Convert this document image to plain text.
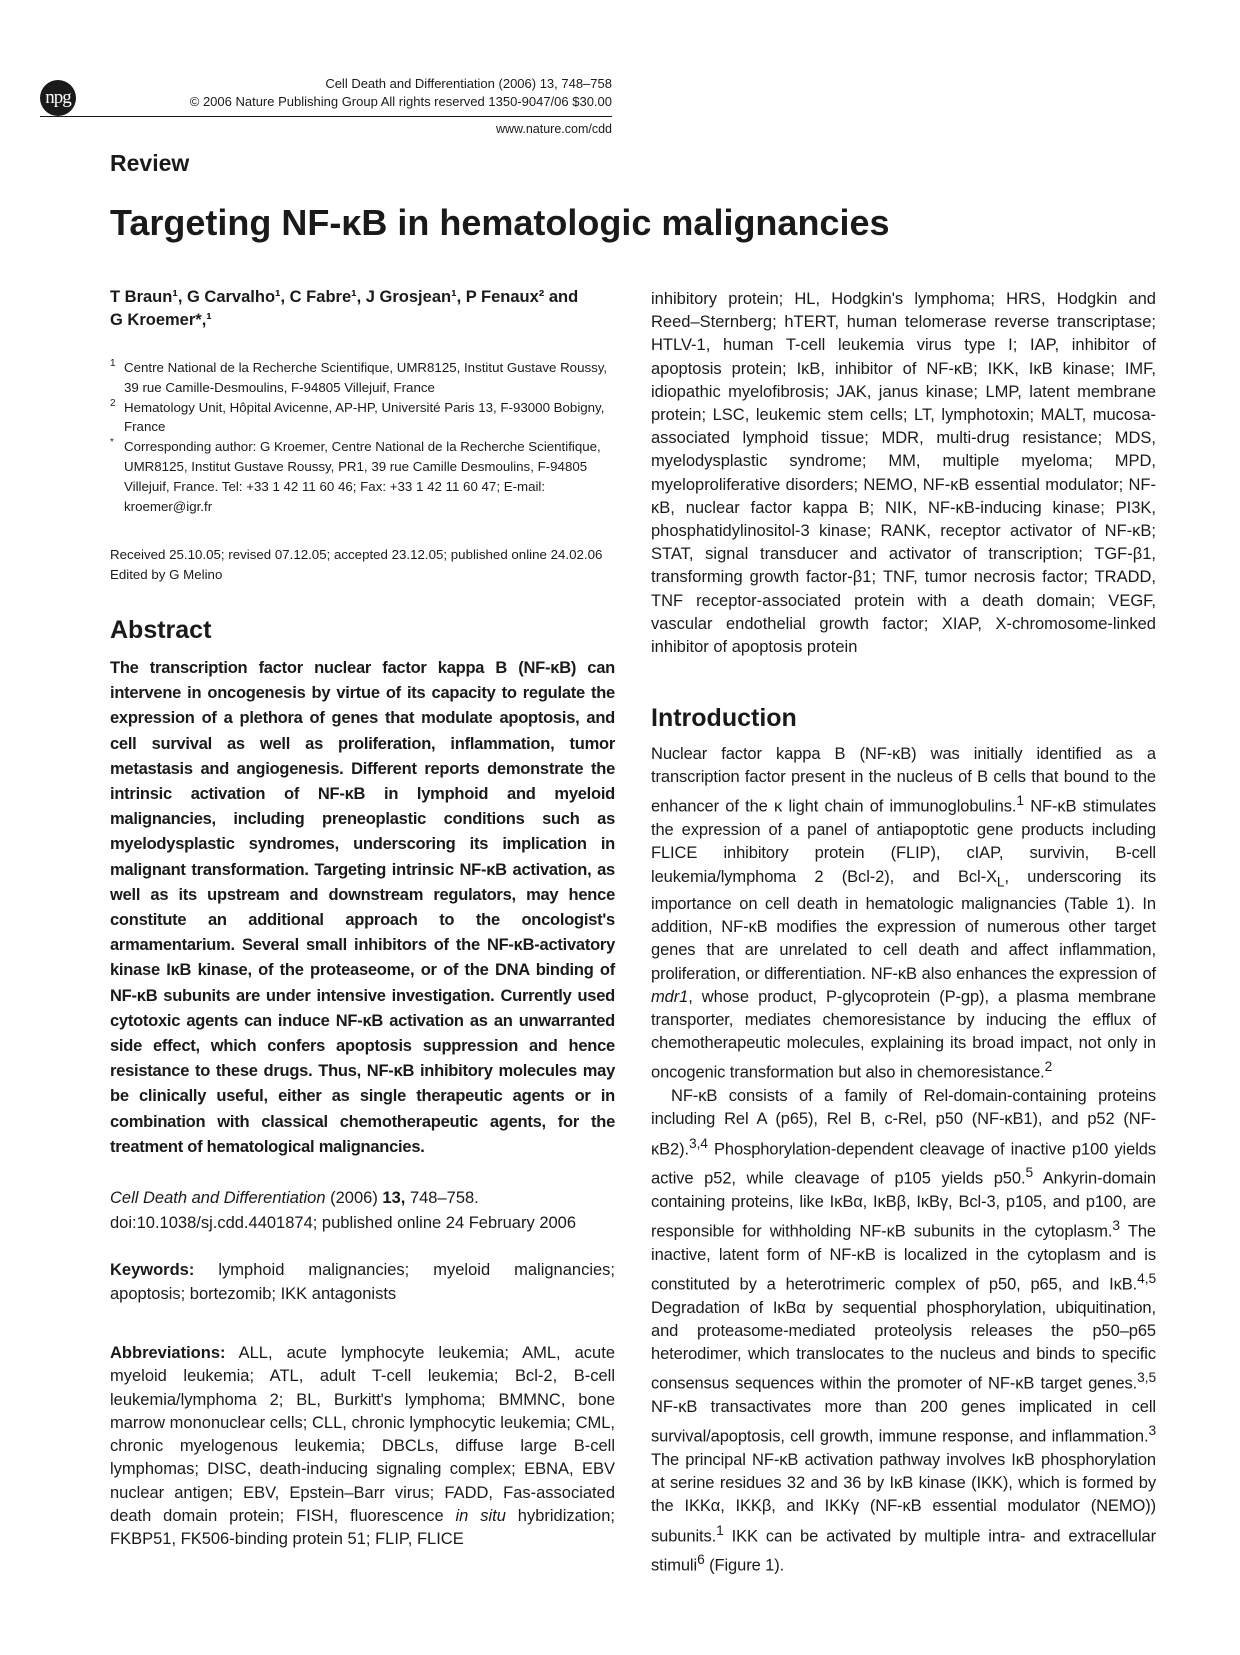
npg
Cell Death and Differentiation (2006) 13, 748–758
© 2006 Nature Publishing Group All rights reserved 1350-9047/06 $30.00
www.nature.com/cdd
Review
Targeting NF-κB in hematologic malignancies
T Braun¹, G Carvalho¹, C Fabre¹, J Grosjean¹, P Fenaux² and
G Kroemer*,¹
1 Centre National de la Recherche Scientifique, UMR8125, Institut Gustave Roussy, 39 rue Camille-Desmoulins, F-94805 Villejuif, France
2 Hematology Unit, Hôpital Avicenne, AP-HP, Université Paris 13, F-93000 Bobigny, France
* Corresponding author: G Kroemer, Centre National de la Recherche Scientifique, UMR8125, Institut Gustave Roussy, PR1, 39 rue Camille Desmoulins, F-94805 Villejuif, France. Tel: +33 1 42 11 60 46; Fax: +33 1 42 11 60 47; E-mail: kroemer@igr.fr
Received 25.10.05; revised 07.12.05; accepted 23.12.05; published online 24.02.06
Edited by G Melino
Abstract
The transcription factor nuclear factor kappa B (NF-κB) can intervene in oncogenesis by virtue of its capacity to regulate the expression of a plethora of genes that modulate apoptosis, and cell survival as well as proliferation, inflammation, tumor metastasis and angiogenesis. Different reports demonstrate the intrinsic activation of NF-κB in lymphoid and myeloid malignancies, including preneoplastic conditions such as myelodysplastic syndromes, underscoring its implication in malignant transformation. Targeting intrinsic NF-κB activation, as well as its upstream and downstream regulators, may hence constitute an additional approach to the oncologist's armamentarium. Several small inhibitors of the NF-κB-activatory kinase IκB kinase, of the proteaseome, or of the DNA binding of NF-κB subunits are under intensive investigation. Currently used cytotoxic agents can induce NF-κB activation as an unwarranted side effect, which confers apoptosis suppression and hence resistance to these drugs. Thus, NF-κB inhibitory molecules may be clinically useful, either as single therapeutic agents or in combination with classical chemotherapeutic agents, for the treatment of hematological malignancies.
Cell Death and Differentiation (2006) 13, 748–758.
doi:10.1038/sj.cdd.4401874; published online 24 February 2006
Keywords: lymphoid malignancies; myeloid malignancies; apoptosis; bortezomib; IKK antagonists
Abbreviations: ALL, acute lymphocyte leukemia; AML, acute myeloid leukemia; ATL, adult T-cell leukemia; Bcl-2, B-cell leukemia/lymphoma 2; BL, Burkitt's lymphoma; BMMNC, bone marrow mononuclear cells; CLL, chronic lymphocytic leukemia; CML, chronic myelogenous leukemia; DBCLs, diffuse large B-cell lymphomas; DISC, death-inducing signaling complex; EBNA, EBV nuclear antigen; EBV, Epstein–Barr virus; FADD, Fas-associated death domain protein; FISH, fluorescence in situ hybridization; FKBP51, FK506-binding protein 51; FLIP, FLICE
inhibitory protein; HL, Hodgkin's lymphoma; HRS, Hodgkin and Reed–Sternberg; hTERT, human telomerase reverse transcriptase; HTLV-1, human T-cell leukemia virus type I; IAP, inhibitor of apoptosis protein; IκB, inhibitor of NF-κB; IKK, IκB kinase; IMF, idiopathic myelofibrosis; JAK, janus kinase; LMP, latent membrane protein; LSC, leukemic stem cells; LT, lymphotoxin; MALT, mucosa-associated lymphoid tissue; MDR, multi-drug resistance; MDS, myelodysplastic syndrome; MM, multiple myeloma; MPD, myeloproliferative disorders; NEMO, NF-κB essential modulator; NF-κB, nuclear factor kappa B; NIK, NF-κB-inducing kinase; PI3K, phosphatidylinositol-3 kinase; RANK, receptor activator of NF-κB; STAT, signal transducer and activator of transcription; TGF-β1, transforming growth factor-β1; TNF, tumor necrosis factor; TRADD, TNF receptor-associated protein with a death domain; VEGF, vascular endothelial growth factor; XIAP, X-chromosome-linked inhibitor of apoptosis protein
Introduction

Nuclear factor kappa B (NF-κB) was initially identified as a transcription factor present in the nucleus of B cells that bound to the enhancer of the κ light chain of immunoglobulins.$^1$ NF-κB stimulates the expression of a panel of antiapoptotic gene products including FLICE inhibitory protein (FLIP), cIAP, survivin, B-cell leukemia/lymphoma 2 (Bcl-2), and Bcl-$X_L$, underscoring its importance on cell death in hematologic malignancies (Table 1). In addition, NF-κB modifies the expression of numerous other target genes that are unrelated to cell death and affect inflammation, proliferation, or differentiation. NF-κB also enhances the expression of mdr1, whose product, P-glycoprotein (P-gp), a plasma membrane transporter, mediates chemoresistance by inducing the efflux of chemotherapeutic molecules, explaining its broad impact, not only in oncogenic transformation but also in chemoresistance.$^2$

NF-κB consists of a family of Rel-domain-containing proteins including Rel A (p65), Rel B, c-Rel, p50 (NF-κB1), and p52 (NF-κB2).$^{3,4}$ Phosphorylation-dependent cleavage of inactive p100 yields active p52, while cleavage of p105 yields p50.$^5$ Ankyrin-domain containing proteins, like IκBα, IκBβ, IκBγ, Bcl-3, p105, and p100, are responsible for withholding NF-κB subunits in the cytoplasm.$^3$ The inactive, latent form of NF-κB is localized in the cytoplasm and is constituted by a heterotrimeric complex of p50, p65, and IκB.$^{4,5}$ Degradation of IκBα by sequential phosphorylation, ubiquitination, and proteasome-mediated proteolysis releases the p50–p65 heterodimer, which translocates to the nucleus and binds to specific consensus sequences within the promoter of NF-κB target genes.$^{3,5}$ NF-κB transactivates more than 200 genes implicated in cell survival/apoptosis, cell growth, immune response, and inflammation.$^3$ The principal NF-κB activation pathway involves IκB phosphorylation at serine residues 32 and 36 by IκB kinase (IKK), which is formed by the IKKα, IKKβ, and IKKγ (NF-κB essential modulator (NEMO)) subunits.$^1$ IKK can be activated by multiple intra- and extracellular stimuli$^6$ (Figure 1).
